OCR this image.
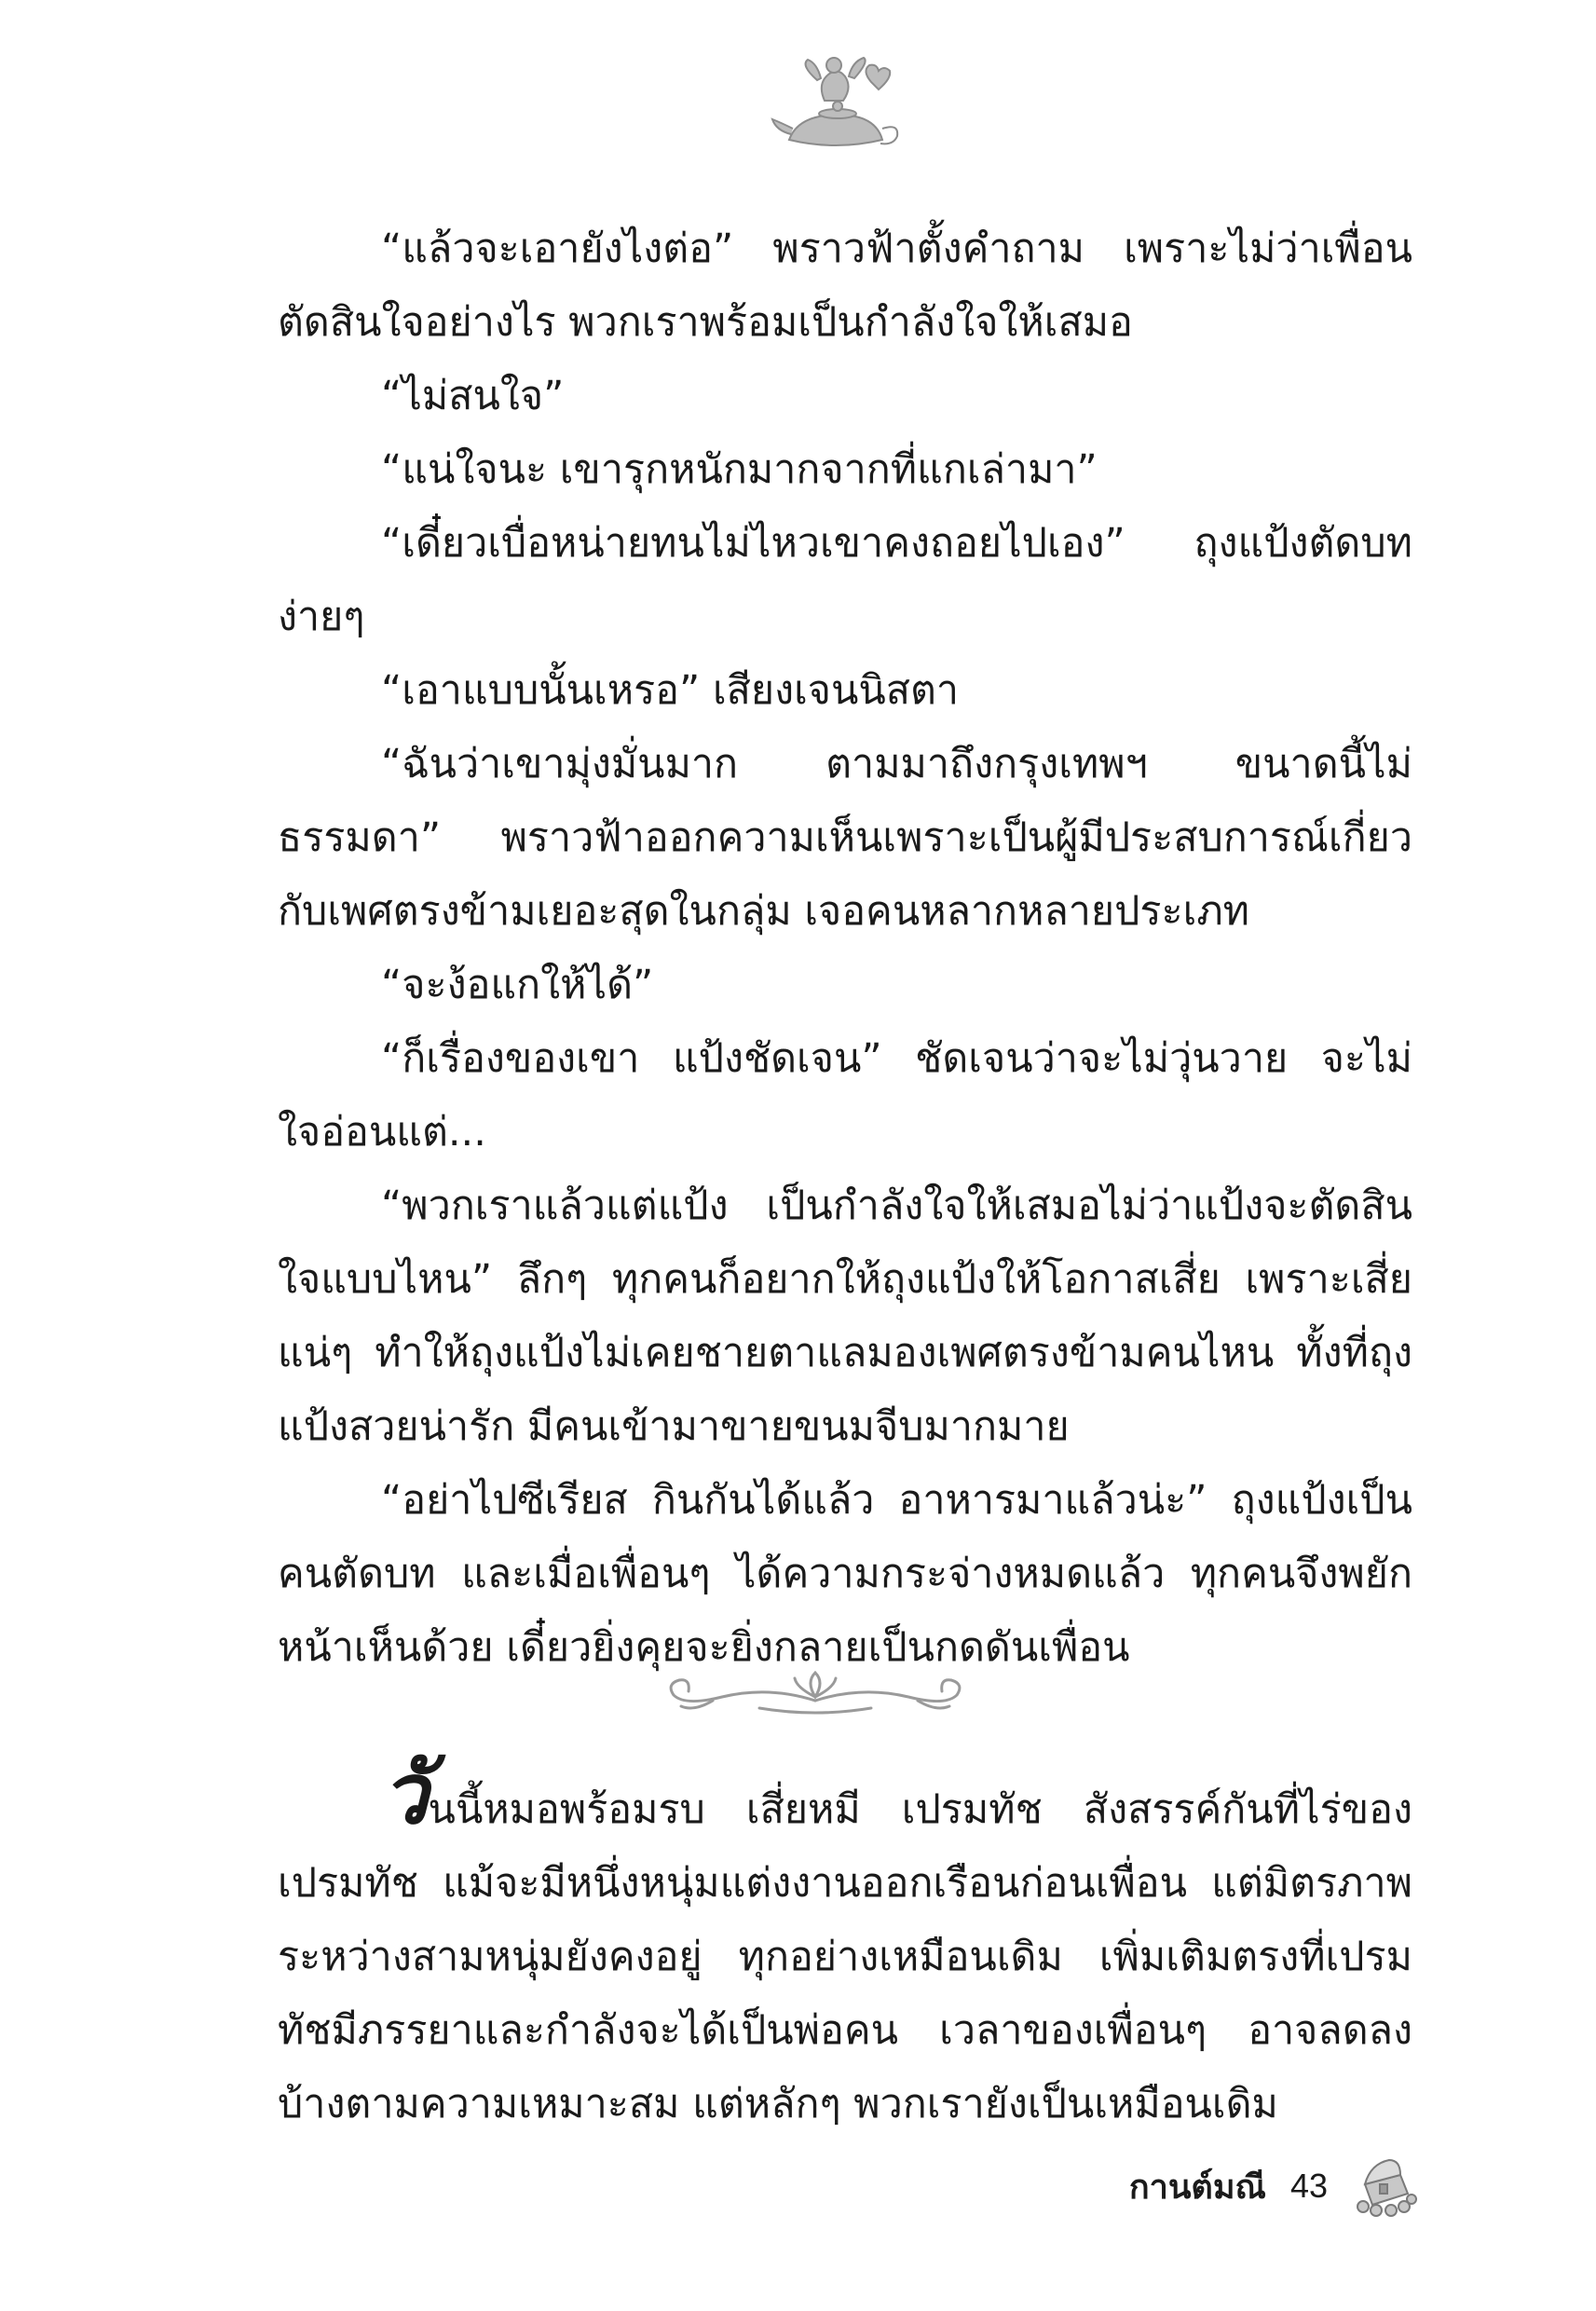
“แล้วจะเอายังไงต่อ” พราวฟ้าตั้งคำถาม เพราะไม่ว่าเพื่อนตัดสินใจอย่างไร พวกเราพร้อมเป็นกำลังใจให้เสมอ

“ไม่สนใจ”

“แน่ใจนะ เขารุกหนักมากจากที่แกเล่ามา”

“เดี๋ยวเบื่อหน่ายทนไม่ไหวเขาคงถอยไปเอง” ถุงแป้งตัดบทง่ายๆ

“เอาแบบนั้นเหรอ” เสียงเจนนิสตา

“ฉันว่าเขามุ่งมั่นมาก ตามมาถึงกรุงเทพฯ ขนาดนี้ไม่ธรรมดา” พราวฟ้าออกความเห็นเพราะเป็นผู้มีประสบการณ์เกี่ยวกับเพศตรงข้ามเยอะสุดในกลุ่ม เจอคนหลากหลายประเภท

“จะง้อแกให้ได้”

“ก็เรื่องของเขา แป้งชัดเจน” ชัดเจนว่าจะไม่วุ่นวาย จะไม่ใจอ่อนแต่...

“พวกเราแล้วแต่แป้ง เป็นกำลังใจให้เสมอไม่ว่าแป้งจะตัดสินใจแบบไหน” ลึกๆ ทุกคนก็อยากให้ถุงแป้งให้โอกาสเสี่ย เพราะเสี่ยแน่ๆ ทำให้ถุงแป้งไม่เคยชายตาแลมองเพศตรงข้ามคนไหน ทั้งที่ถุงแป้งสวยน่ารัก มีคนเข้ามาขายขนมจีบมากมาย

“อย่าไปซีเรียส กินกันได้แล้ว อาหารมาแล้วน่ะ” ถุงแป้งเป็นคนตัดบท และเมื่อเพื่อนๆ ได้ความกระจ่างหมดแล้ว ทุกคนจึงพยักหน้าเห็นด้วย เดี๋ยวยิ่งคุยจะยิ่งกลายเป็นกดดันเพื่อน

วันนี้หมอพร้อมรบ เสี่ยหมี เปรมทัช สังสรรค์กันที่ไร่ของเปรมทัช แม้จะมีหนึ่งหนุ่มแต่งงานออกเรือนก่อนเพื่อน แต่มิตรภาพระหว่างสามหนุ่มยังคงอยู่ ทุกอย่างเหมือนเดิม เพิ่มเติมตรงที่เปรมทัชมีภรรยาและกำลังจะได้เป็นพ่อคน เวลาของเพื่อนๆ อาจลดลงบ้างตามความเหมาะสม แต่หลักๆ พวกเรายังเป็นเหมือนเดิม

กานต์มณี 43
